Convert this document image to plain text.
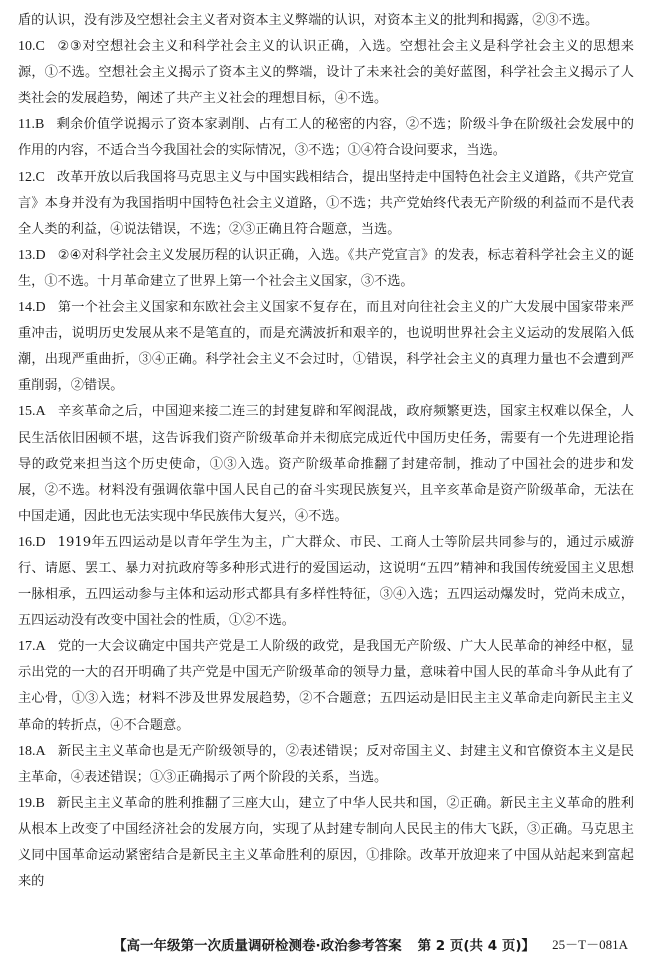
盾的认识，没有涉及空想社会主义者对资本主义弊端的认识，对资本主义的批判和揭露，②③不选。

10.C ②③对空想社会主义和科学社会主义的认识正确，入选。空想社会主义是科学社会主义的思想来源，①不选。空想社会主义揭示了资本主义的弊端，设计了未来社会的美好蓝图，科学社会主义揭示了人类社会的发展趋势，阐述了共产主义社会的理想目标，④不选。

11.B 剩余价值学说揭示了资本家剥削、占有工人的秘密的内容，②不选；阶级斗争在阶级社会发展中的作用的内容，不适合当今我国社会的实际情况，③不选；①④符合设问要求，当选。

12.C 改革开放以后我国将马克思主义与中国实践相结合，提出坚持走中国特色社会主义道路，《共产党宣言》本身并没有为我国指明中国特色社会主义道路，①不选；共产党始终代表无产阶级的利益而不是代表全人类的利益，④说法错误，不选；②③正确且符合题意，当选。

13.D ②④对科学社会主义发展历程的认识正确，入选。《共产党宣言》的发表，标志着科学社会主义的诞生，①不选。十月革命建立了世界上第一个社会主义国家，③不选。

14.D 第一个社会主义国家和东欧社会主义国家不复存在，而且对向往社会主义的广大发展中国家带来严重冲击，说明历史发展从来不是笔直的，而是充满波折和艰辛的，也说明世界社会主义运动的发展陷入低潮，出现严重曲折，③④正确。科学社会主义不会过时，①错误，科学社会主义的真理力量也不会遭到严重削弱，②错误。

15.A 辛亥革命之后，中国迎来接二连三的封建复辟和军阀混战，政府频繁更迭，国家主权难以保全，人民生活依旧困顿不堪，这告诉我们资产阶级革命并未彻底完成近代中国历史任务，需要有一个先进理论指导的政党来担当这个历史使命，①③入选。资产阶级革命推翻了封建帝制，推动了中国社会的进步和发展，②不选。材料没有强调依靠中国人民自己的奋斗实现民族复兴，且辛亥革命是资产阶级革命，无法在中国走通，因此也无法实现中华民族伟大复兴，④不选。

16.D 1919年五四运动是以青年学生为主，广大群众、市民、工商人士等阶层共同参与的，通过示威游行、请愿、罢工、暴力对抗政府等多种形式进行的爱国运动，这说明“五四”精神和我国传统爱国主义思想一脉相承，五四运动参与主体和运动形式都具有多样性特征，③④入选；五四运动爆发时，党尚未成立，五四运动没有改变中国社会的性质，①②不选。

17.A 党的一大会议确定中国共产党是工人阶级的政党，是我国无产阶级、广大人民革命的神经中枢，显示出党的一大的召开明确了共产党是中国无产阶级革命的领导力量，意味着中国人民的革命斗争从此有了主心骨，①③入选；材料不涉及世界发展趋势，②不合题意；五四运动是旧民主主义革命走向新民主主义革命的转折点，④不合题意。

18.A 新民主主义革命也是无产阶级领导的，②表述错误；反对帝国主义、封建主义和官僚资本主义是民主革命，④表述错误；①③正确揭示了两个阶段的关系，当选。

19.B 新民主主义革命的胜利推翻了三座大山，建立了中华人民共和国，②正确。新民主主义革命的胜利从根本上改变了中国经济社会的发展方向，实现了从封建专制向人民民主的伟大飞跃，③正确。马克思主义同中国革命运动紧密结合是新民主主义革命胜利的原因，①排除。改革开放迎来了中国从站起来到富起来的

【高一年级第一次质量调研检测卷·政治参考答案 第 2 页(共 4 页)】 25－T－081A
